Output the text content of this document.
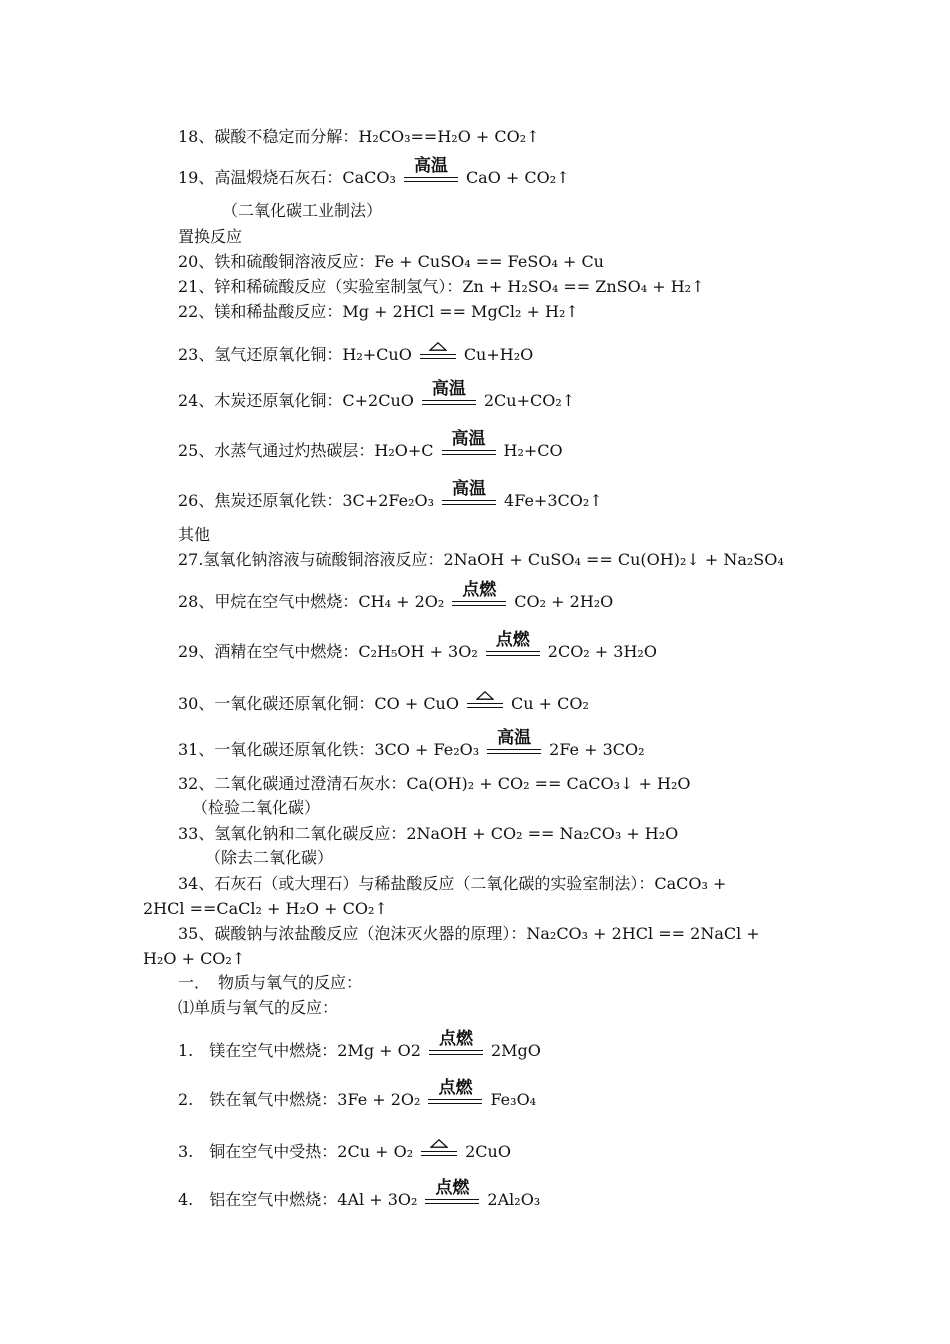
18、碳酸不稳定而分解：H₂CO₃==H₂O + CO₂↑
19、高温煅烧石灰石：CaCO₃
高温
CaO + CO₂↑
（二氧化碳工业制法）
置换反应
20、铁和硫酸铜溶液反应：Fe + CuSO₄ == FeSO₄ + Cu
21、锌和稀硫酸反应（实验室制氢气）：Zn + H₂SO₄ == ZnSO₄ + H₂↑
22、镁和稀盐酸反应：Mg + 2HCl == MgCl₂ + H₂↑
23、氢气还原氧化铜：H₂+CuO	Cu+H₂O
24、木炭还原氧化铜：C+2CuO
高温
2Cu+CO₂↑
25、水蒸气通过灼热碳层：H₂O+C
高温
H₂+CO
26、焦炭还原氧化铁：3C+2Fe₂O₃
高温
4Fe+3CO₂↑
其他
27.氢氧化钠溶液与硫酸铜溶液反应：2NaOH + CuSO₄ == Cu(OH)₂↓ + Na₂SO₄
28、甲烷在空气中燃烧：CH₄ + 2O₂
点燃
CO₂ + 2H₂O
29、酒精在空气中燃烧：C₂H₅OH + 3O₂
点燃
2CO₂ + 3H₂O
30、一氧化碳还原氧化铜：CO + CuO	Cu + CO₂
31、一氧化碳还原氧化铁：3CO + Fe₂O₃
高温
2Fe + 3CO₂
32、二氧化碳通过澄清石灰水：Ca(OH)₂ + CO₂ == CaCO₃↓ + H₂O
（检验二氧化碳）
33、氢氧化钠和二氧化碳反应：2NaOH + CO₂ == Na₂CO₃ + H₂O
（除去二氧化碳）
34、石灰石（或大理石）与稀盐酸反应（二氧化碳的实验室制法）：CaCO₃ +
2HCl ==CaCl₂ + H₂O + CO₂↑
35、碳酸钠与浓盐酸反应（泡沫灭火器的原理）：Na₂CO₃ + 2HCl == 2NaCl +
H₂O + CO₂↑
一．　物质与氧气的反应：
⑴单质与氧气的反应：
1.　镁在空气中燃烧：2Mg + O2
点燃
2MgO
2.　铁在氧气中燃烧：3Fe + 2O₂
点燃
Fe₃O₄
3.　铜在空气中受热：2Cu + O₂	2CuO
4.　铝在空气中燃烧：4Al + 3O₂
点燃
2Al₂O₃
